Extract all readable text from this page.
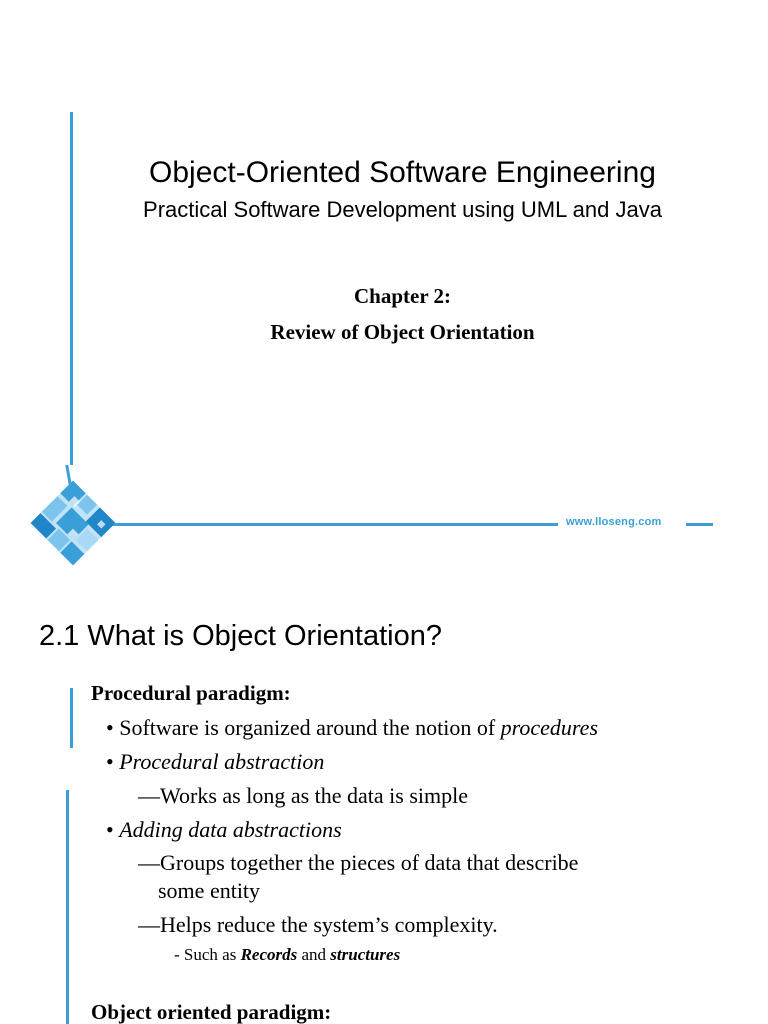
www.lloseng.com
Object-Oriented Software Engineering
Practical Software Development using UML and Java
Chapter 2:
Review of Object Orientation
2.1 What is Object Orientation?
Procedural paradigm:
• Software is organized around the notion of procedures
• Procedural abstraction
—Works as long as the data is simple
• Adding data abstractions
—Groups together the pieces of data that describe
some entity
—Helps reduce the system’s complexity.
- Such as Records and structures
Object oriented paradigm:
